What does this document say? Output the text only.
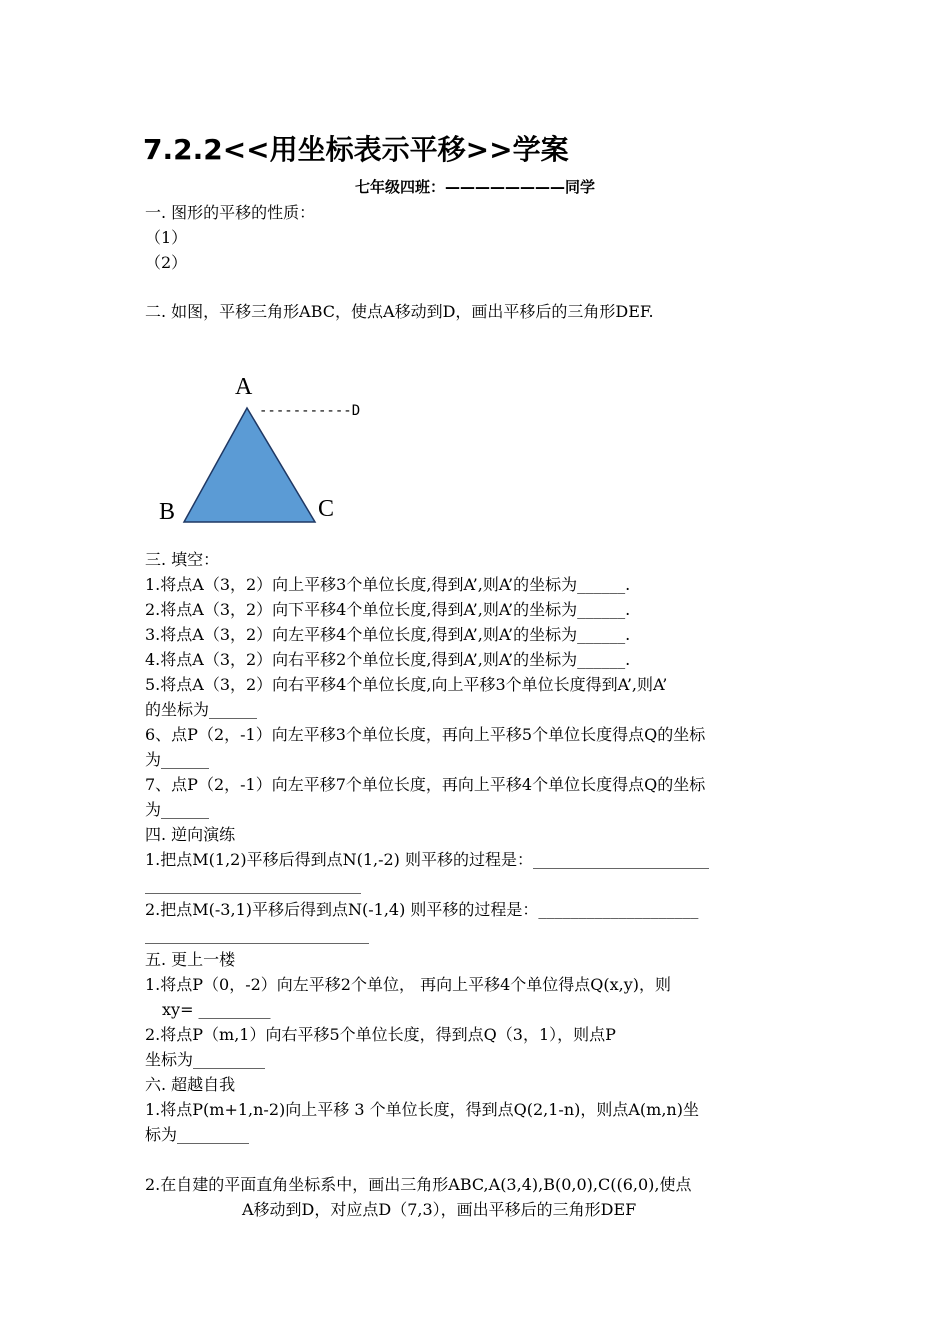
7.2.2<<用坐标表示平移>>学案
七年级四班：————————同学
一. 图形的平移的性质：
（1）
（2）
二. 如图，平移三角形ABC，使点A移动到D，画出平移后的三角形DEF.
A
B	C
-----------D
三. 填空：
1.将点A（3，2）向上平移3个单位长度,得到A’,则A’的坐标为______.
2.将点A（3，2）向下平移4个单位长度,得到A’,则A’的坐标为______.
3.将点A（3，2）向左平移4个单位长度,得到A’,则A’的坐标为______.
4.将点A（3，2）向右平移2个单位长度,得到A’,则A’的坐标为______.
5.将点A（3，2）向右平移4个单位长度,向上平移3个单位长度得到A’,则A’
的坐标为______
6、点P（2，-1）向左平移3个单位长度，再向上平移5个单位长度得点Q的坐标
为______
7、点P（2，-1）向左平移7个单位长度，再向上平移4个单位长度得点Q的坐标
为______
四. 逆向演练
1.把点M(1,2)平移后得到点N(1,-2) 则平移的过程是：______________________
___________________________
2.把点M(-3,1)平移后得到点N(-1,4) 则平移的过程是：____________________
____________________________
五. 更上一楼
1.将点P（0，-2）向左平移2个单位， 再向上平移4个单位得点Q(x,y)，则
xy= _________
2.将点P（m,1）向右平移5个单位长度，得到点Q（3，1），则点P
坐标为_________
六. 超越自我
1.将点P(m+1,n-2)向上平移 3 个单位长度，得到点Q(2,1-n)，则点A(m,n)坐
标为_________
2.在自建的平面直角坐标系中，画出三角形ABC,A(3,4),B(0,0),C((6,0),使点
A移动到D，对应点D（7,3），画出平移后的三角形DEF
